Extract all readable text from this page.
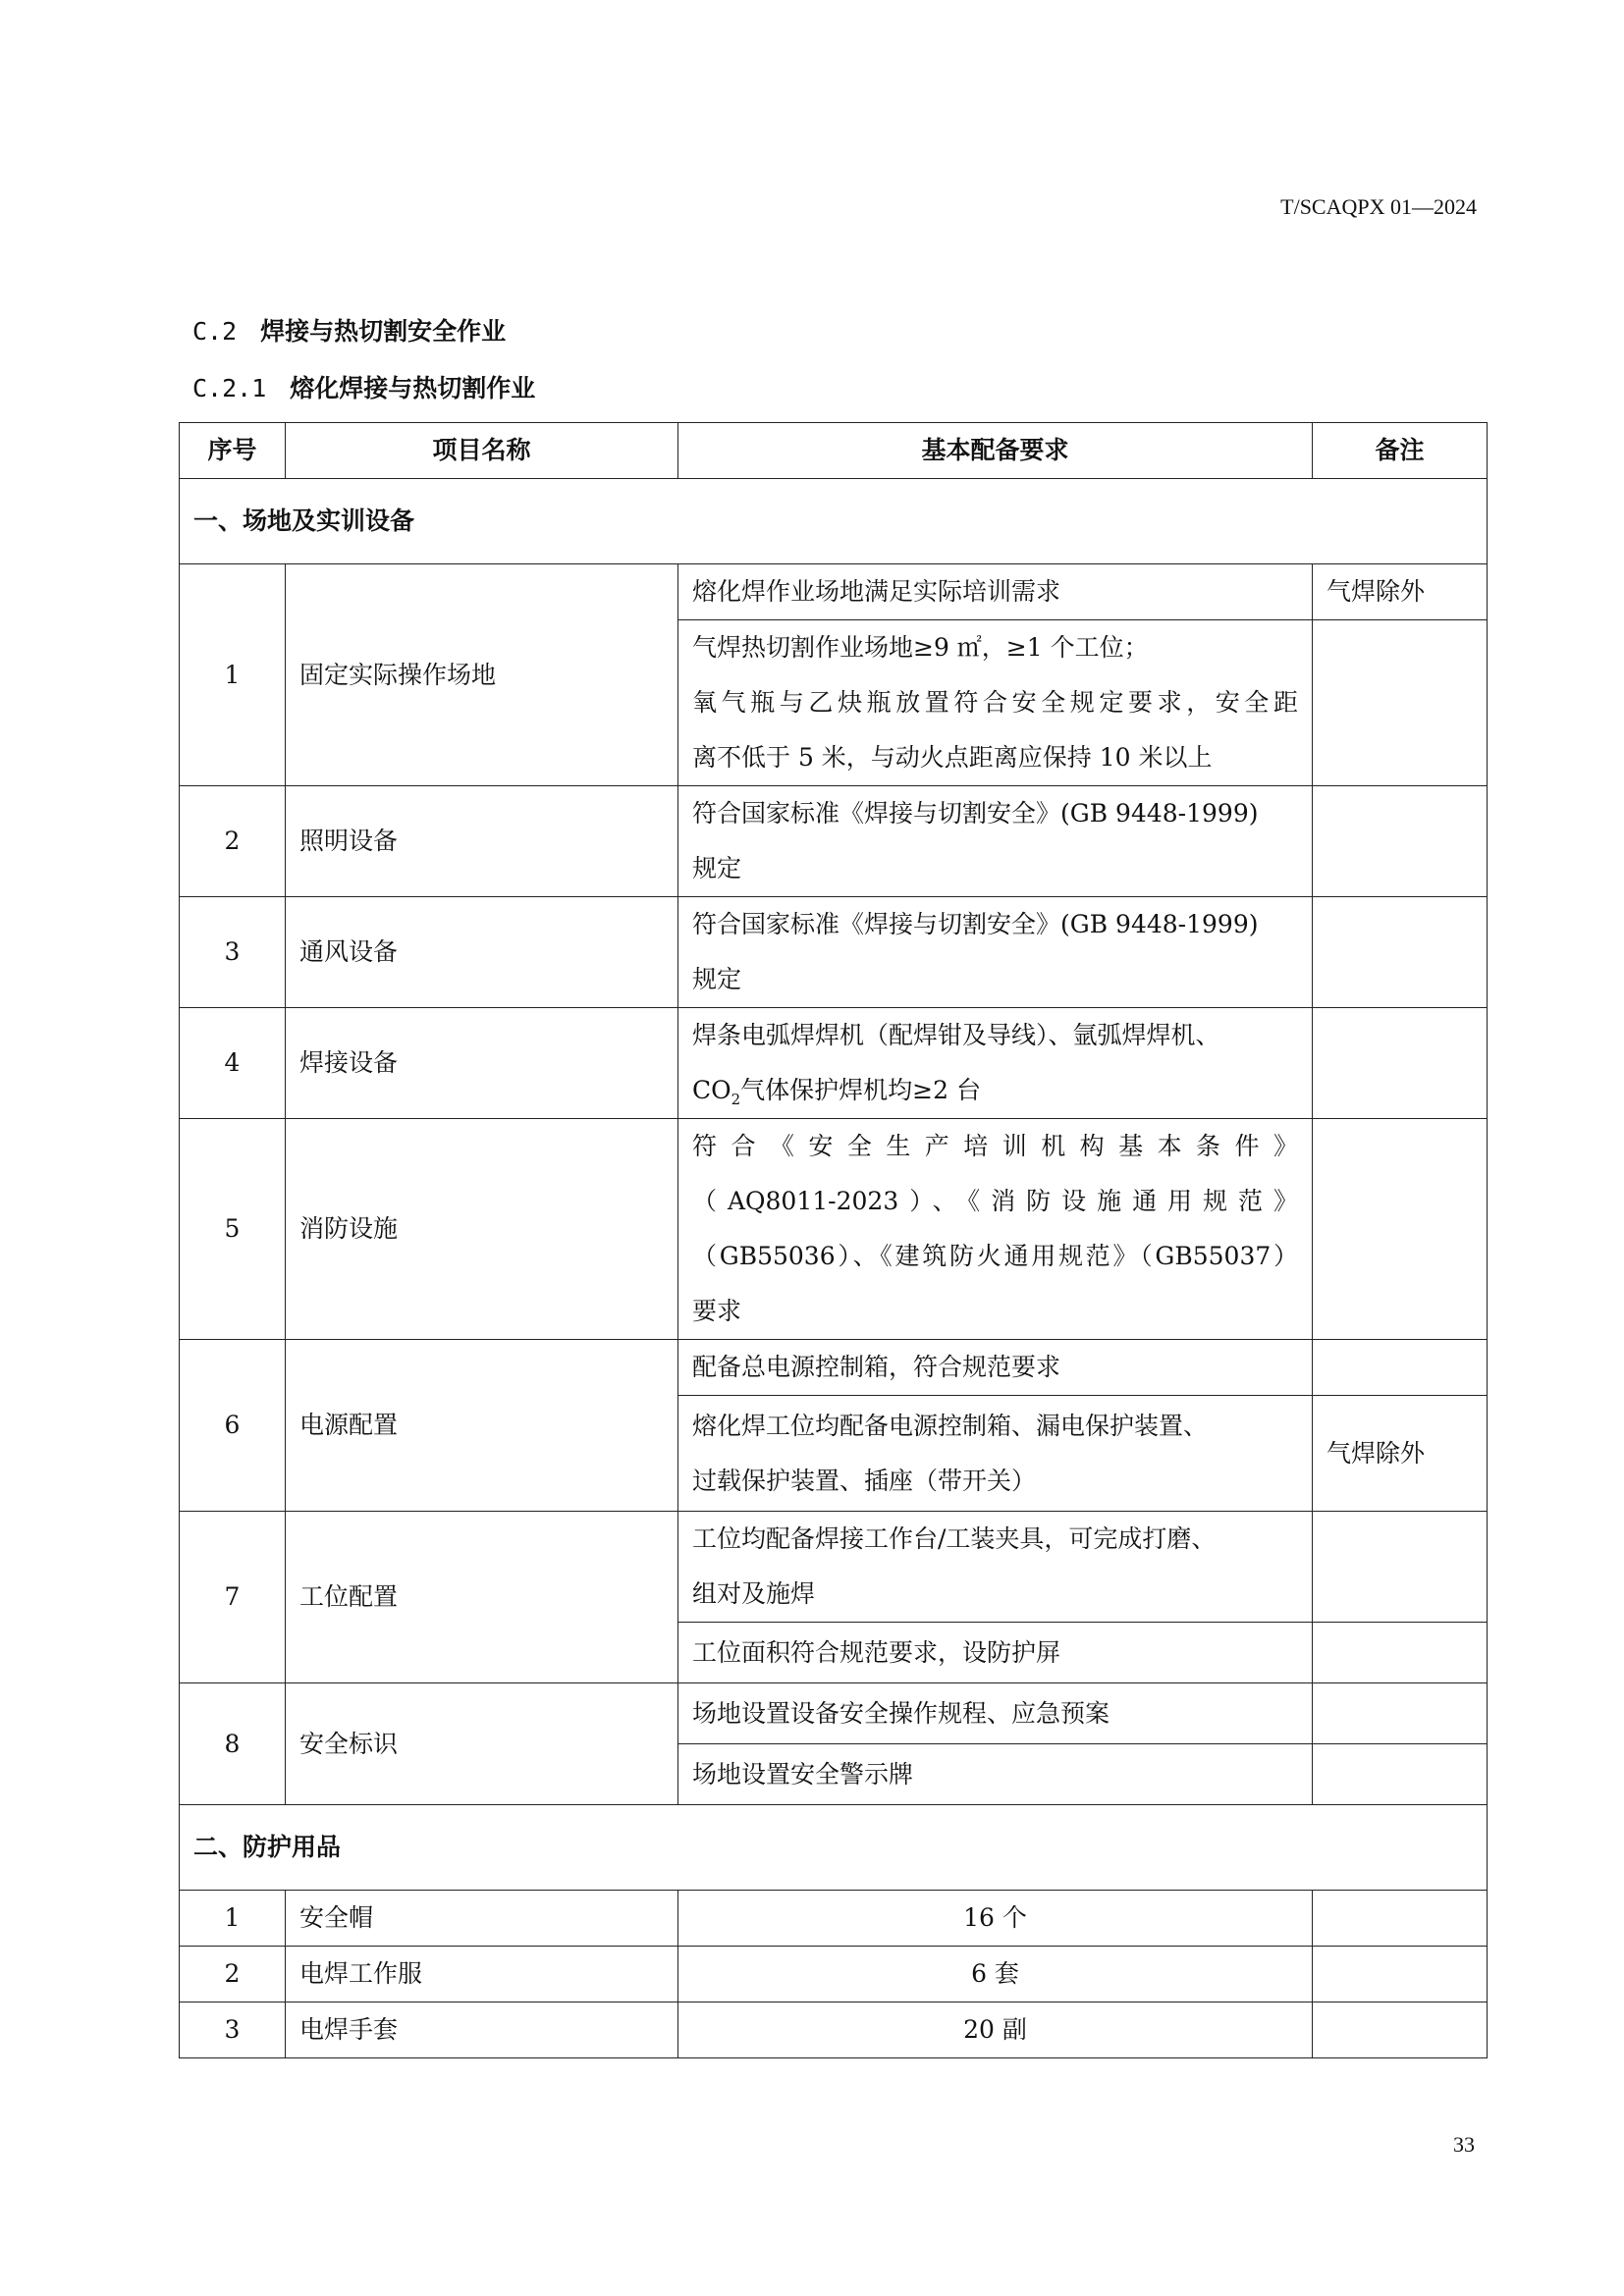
T/SCAQPX 01—2024
C.2 焊接与热切割安全作业
C.2.1 熔化焊接与热切割作业
序号	项目名称	基本配备要求	备注
一、场地及实训设备			
1	固定实际操作场地	熔化焊作业场地满足实际培训需求	气焊除外

		气焊热切割作业场地≥9 ㎡，≥1 个工位；
氧气瓶与乙炔瓶放置符合安全规定要求，安全距
离不低于 5 米，与动火点距离应保持 10 米以上	

2	照明设备	符合国家标准《焊接与切割安全》(GB 9448-1999)
规定	

3	通风设备	符合国家标准《焊接与切割安全》(GB 9448-1999)
规定	

4	焊接设备	焊条电弧焊焊机（配焊钳及导线）、氩弧焊焊机、
$CO_2$气体保护焊机均≥2 台	

5	消防设施	符合《安全生产培训机构基本条件》
（AQ8011-2023）、《消防设施通用规范》
（GB55036）、《建筑防火通用规范》（GB55037）
要求	

6	电源配置	配备总电源控制箱，符合规范要求	

		熔化焊工位均配备电源控制箱、漏电保护装置、
过载保护装置、插座（带开关）	气焊除外
7	工位配置	工位均配备焊接工作台/工装夹具，可完成打磨、
组对及施焊	

		工位面积符合规范要求，设防护屏	
8	安全标识	场地设置设备安全操作规程、应急预案	
		场地设置安全警示牌	
二、防护用品			
1	安全帽	16 个	
2	电焊工作服	6 套	
3	电焊手套	20 副	
33
